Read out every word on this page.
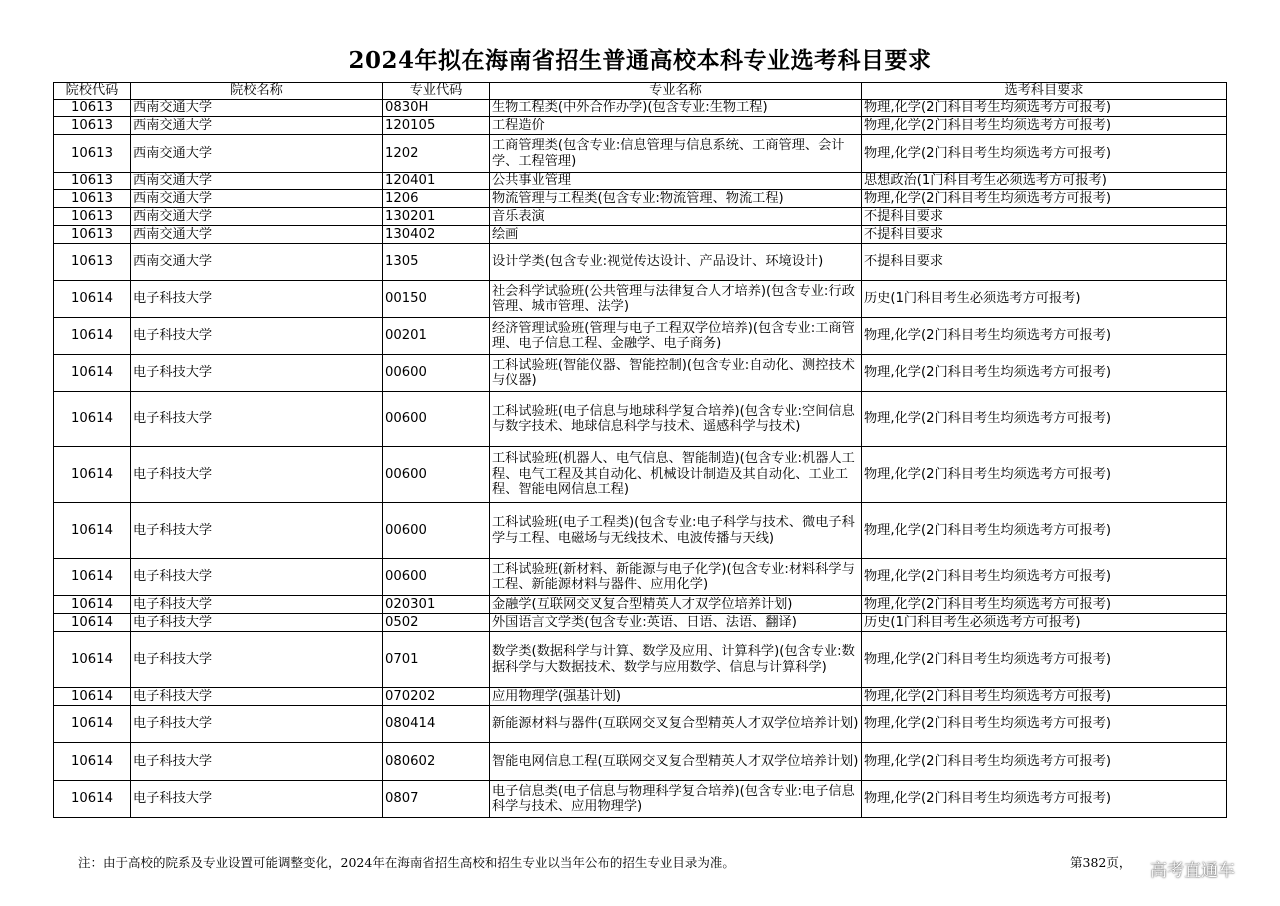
2024年拟在海南省招生普通高校本科专业选考科目要求
院校代码	院校名称	专业代码	专业名称	选考科目要求
10613	西南交通大学	0830H	生物工程类(中外合作办学)(包含专业:生物工程)	物理,化学(2门科目考生均须选考方可报考)
10613	西南交通大学	120105	工程造价	物理,化学(2门科目考生均须选考方可报考)
10613	西南交通大学	1202	工商管理类(包含专业:信息管理与信息系统、工商管理、会计学、工程管理)	物理,化学(2门科目考生均须选考方可报考)
10613	西南交通大学	120401	公共事业管理	思想政治(1门科目考生必须选考方可报考)
10613	西南交通大学	1206	物流管理与工程类(包含专业:物流管理、物流工程)	物理,化学(2门科目考生均须选考方可报考)
10613	西南交通大学	130201	音乐表演	不提科目要求
10613	西南交通大学	130402	绘画	不提科目要求
10613	西南交通大学	1305	设计学类(包含专业:视觉传达设计、产品设计、环境设计)	不提科目要求
10614	电子科技大学	00150	社会科学试验班(公共管理与法律复合人才培养)(包含专业:行政管理、城市管理、法学)	历史(1门科目考生必须选考方可报考)
10614	电子科技大学	00201	经济管理试验班(管理与电子工程双学位培养)(包含专业:工商管理、电子信息工程、金融学、电子商务)	物理,化学(2门科目考生均须选考方可报考)
10614	电子科技大学	00600	工科试验班(智能仪器、智能控制)(包含专业:自动化、测控技术与仪器)	物理,化学(2门科目考生均须选考方可报考)
10614	电子科技大学	00600	工科试验班(电子信息与地球科学复合培养)(包含专业:空间信息与数字技术、地球信息科学与技术、遥感科学与技术)	物理,化学(2门科目考生均须选考方可报考)
10614	电子科技大学	00600	工科试验班(机器人、电气信息、智能制造)(包含专业:机器人工程、电气工程及其自动化、机械设计制造及其自动化、工业工程、智能电网信息工程)	物理,化学(2门科目考生均须选考方可报考)
10614	电子科技大学	00600	工科试验班(电子工程类)(包含专业:电子科学与技术、微电子科学与工程、电磁场与无线技术、电波传播与天线)	物理,化学(2门科目考生均须选考方可报考)
10614	电子科技大学	00600	工科试验班(新材料、新能源与电子化学)(包含专业:材料科学与工程、新能源材料与器件、应用化学)	物理,化学(2门科目考生均须选考方可报考)
10614	电子科技大学	020301	金融学(互联网交叉复合型精英人才双学位培养计划)	物理,化学(2门科目考生均须选考方可报考)
10614	电子科技大学	0502	外国语言文学类(包含专业:英语、日语、法语、翻译)	历史(1门科目考生必须选考方可报考)
10614	电子科技大学	0701	数学类(数据科学与计算、数学及应用、计算科学)(包含专业:数据科学与大数据技术、数学与应用数学、信息与计算科学)	物理,化学(2门科目考生均须选考方可报考)
10614	电子科技大学	070202	应用物理学(强基计划)	物理,化学(2门科目考生均须选考方可报考)
10614	电子科技大学	080414	新能源材料与器件(互联网交叉复合型精英人才双学位培养计划)	物理,化学(2门科目考生均须选考方可报考)
10614	电子科技大学	080602	智能电网信息工程(互联网交叉复合型精英人才双学位培养计划)	物理,化学(2门科目考生均须选考方可报考)
10614	电子科技大学	0807	电子信息类(电子信息与物理科学复合培养)(包含专业:电子信息科学与技术、应用物理学)	物理,化学(2门科目考生均须选考方可报考)
注：由于高校的院系及专业设置可能调整变化，2024年在海南省招生高校和招生专业以当年公布的招生专业目录为准。	第382页， 高考直通车
